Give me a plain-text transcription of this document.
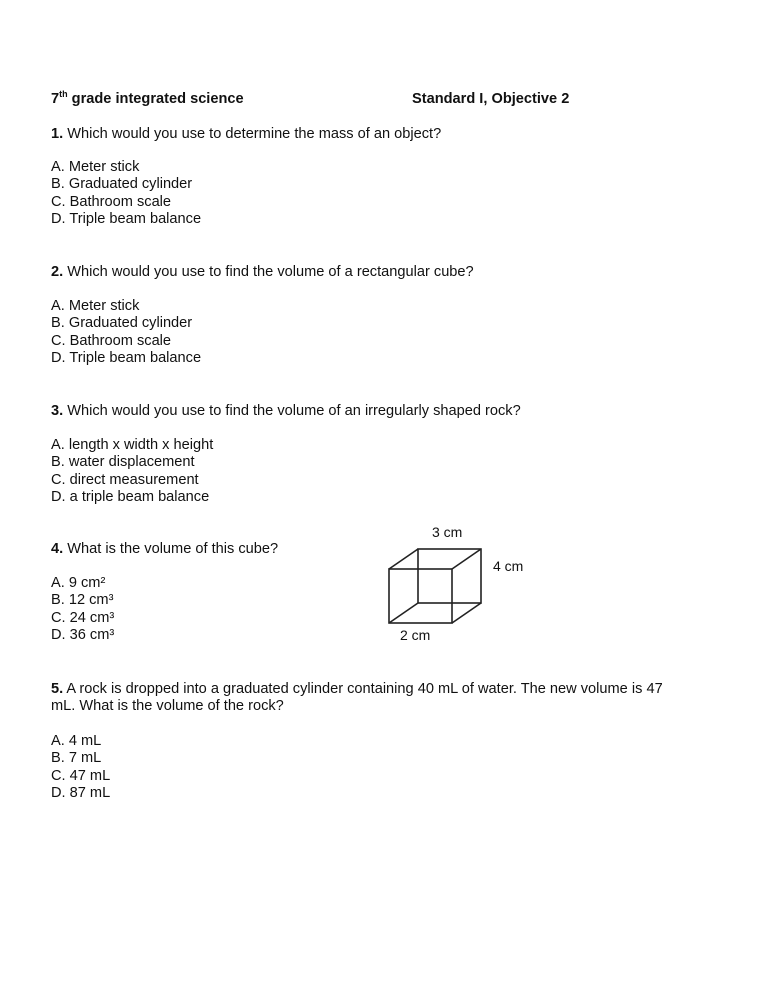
7th grade integrated science	Standard I, Objective 2
1. Which would you use to determine the mass of an object?
A. Meter stick
B. Graduated cylinder
C. Bathroom scale
D. Triple beam balance
2. Which would you use to find the volume of a rectangular cube?
A. Meter stick
B. Graduated cylinder
C. Bathroom scale
D. Triple beam balance
3. Which would you use to find the volume of an irregularly shaped rock?
A. length x width x height
B. water displacement
C. direct measurement
D. a triple beam balance
4. What is the volume of this cube?
A. 9 cm²
B. 12 cm³
C. 24 cm³
D. 36 cm³
3 cm
4 cm
2 cm
5. A rock is dropped into a graduated cylinder containing 40 mL of water. The new volume is 47
mL. What is the volume of the rock?
A. 4 mL
B. 7 mL
C. 47 mL
D. 87 mL
